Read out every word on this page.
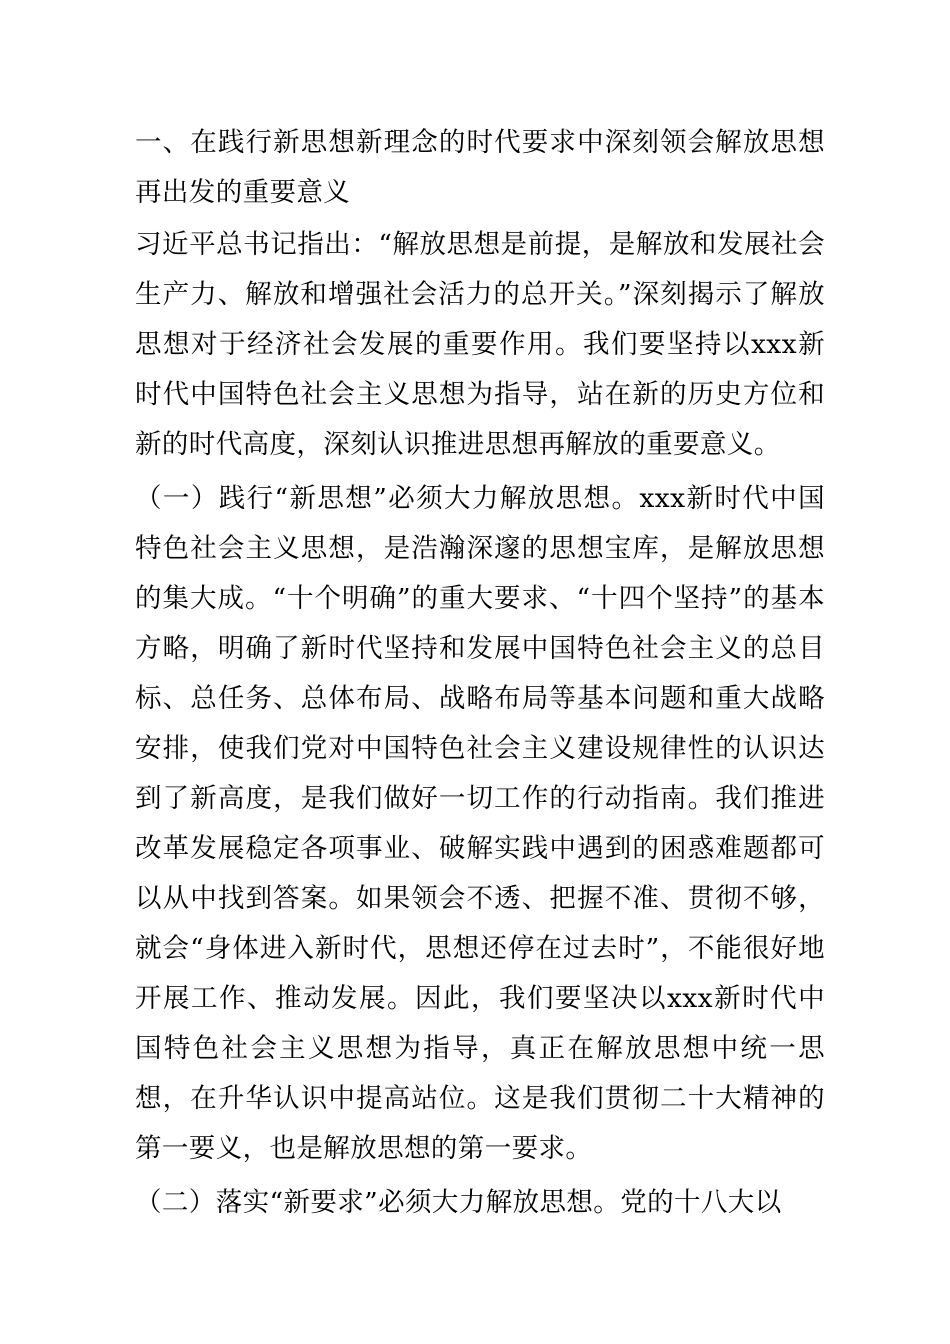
一、在践行新思想新理念的时代要求中深刻领会解放思想再出发的重要意义

习近平总书记指出：“解放思想是前提，是解放和发展社会生产力、解放和增强社会活力的总开关。”深刻揭示了解放思想对于经济社会发展的重要作用。我们要坚持以xxx新时代中国特色社会主义思想为指导，站在新的历史方位和新的时代高度，深刻认识推进思想再解放的重要意义。

（一）践行“新思想”必须大力解放思想。xxx新时代中国特色社会主义思想，是浩瀚深邃的思想宝库，是解放思想的集大成。“十个明确”的重大要求、“十四个坚持”的基本方略，明确了新时代坚持和发展中国特色社会主义的总目标、总任务、总体布局、战略布局等基本问题和重大战略安排，使我们党对中国特色社会主义建设规律性的认识达到了新高度，是我们做好一切工作的行动指南。我们推进改革发展稳定各项事业、破解实践中遇到的困惑难题都可以从中找到答案。如果领会不透、把握不准、贯彻不够，就会“身体进入新时代，思想还停在过去时”，不能很好地开展工作、推动发展。因此，我们要坚决以xxx新时代中国特色社会主义思想为指导，真正在解放思想中统一思想，在升华认识中提高站位。这是我们贯彻二十大精神的第一要义，也是解放思想的第一要求。

（二）落实“新要求”必须大力解放思想。党的十八大以
